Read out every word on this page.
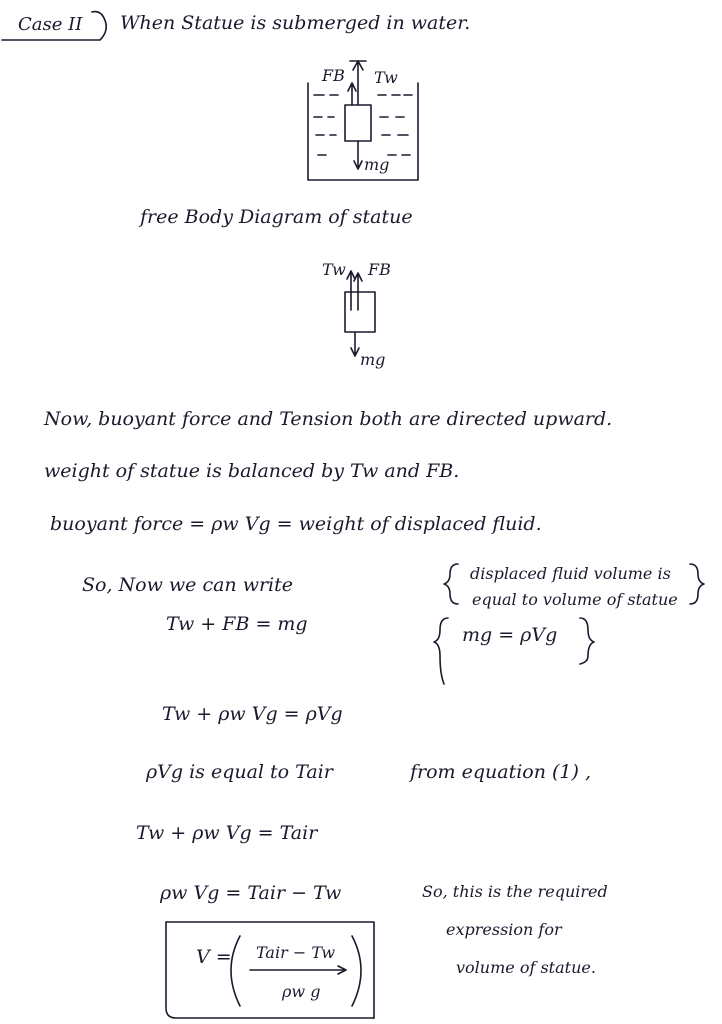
Case II When Statue is submerged in water.
FB Tw
mg
free Body Diagram of statue
Tw FB
mg
Now, buoyant force and Tension both are directed upward.
weight of statue is balanced by Tw and FB.
buoyant force = ρw Vg = weight of displaced fluid.
So, Now we can write
displaced fluid volume is
equal to volume of statue
Tw + FB = mg	mg = ρVg
Tw + ρw Vg = ρVg
ρVg is equal to Tair	from equation (1) ,
Tw + ρw Vg = Tair
ρw Vg = Tair − Tw
V = Tair − Tw
ρw g
So, this is the required
expression for
volume of statue.
